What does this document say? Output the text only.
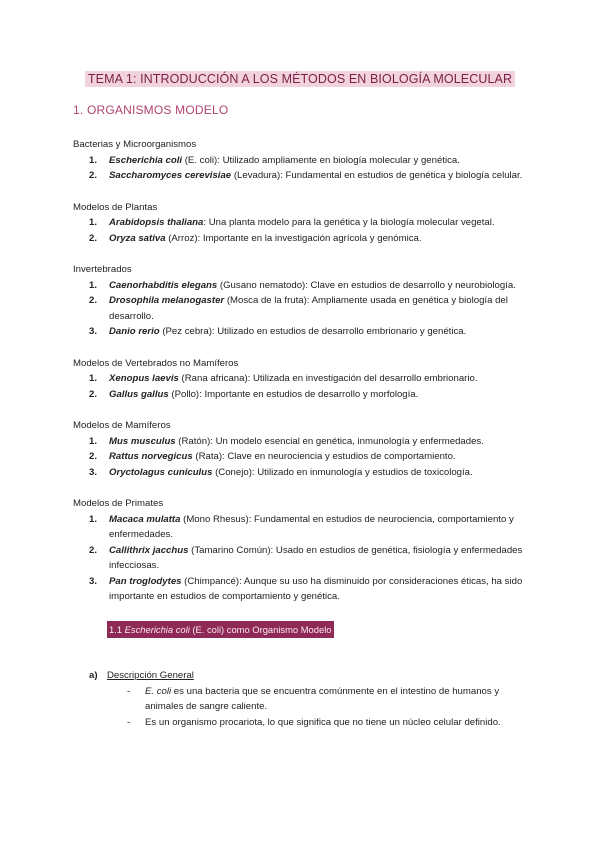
TEMA 1: INTRODUCCIÓN A LOS MÉTODOS EN BIOLOGÍA MOLECULAR
1. ORGANISMOS MODELO
Bacterias y Microorganismos
1. Escherichia coli (E. coli): Utilizado ampliamente en biología molecular y genética.
2. Saccharomyces cerevisiae (Levadura): Fundamental en estudios de genética y biología celular.
Modelos de Plantas
1. Arabidopsis thaliana: Una planta modelo para la genética y la biología molecular vegetal.
2. Oryza sativa (Arroz): Importante en la investigación agrícola y genómica.
Invertebrados
1. Caenorhabditis elegans (Gusano nematodo): Clave en estudios de desarrollo y neurobiología.
2. Drosophila melanogaster (Mosca de la fruta): Ampliamente usada en genética y biología del desarrollo.
3. Danio rerio (Pez cebra): Utilizado en estudios de desarrollo embrionario y genética.
Modelos de Vertebrados no Mamíferos
1. Xenopus laevis (Rana africana): Utilizada en investigación del desarrollo embrionario.
2. Gallus gallus (Pollo): Importante en estudios de desarrollo y morfología.
Modelos de Mamíferos
1. Mus musculus (Ratón): Un modelo esencial en genética, inmunología y enfermedades.
2. Rattus norvegicus (Rata): Clave en neurociencia y estudios de comportamiento.
3. Oryctolagus cuniculus (Conejo): Utilizado en inmunología y estudios de toxicología.
Modelos de Primates
1. Macaca mulatta (Mono Rhesus): Fundamental en estudios de neurociencia, comportamiento y enfermedades.
2. Callithrix jacchus (Tamarino Común): Usado en estudios de genética, fisiología y enfermedades infecciosas.
3. Pan troglodytes (Chimpancé): Aunque su uso ha disminuido por consideraciones éticas, ha sido importante en estudios de comportamiento y genética.
1.1 Escherichia coli (E. coli) como Organismo Modelo
a) Descripción General
- E. coli es una bacteria que se encuentra comúnmente en el intestino de humanos y animales de sangre caliente.
- Es un organismo procariota, lo que significa que no tiene un núcleo celular definido.
